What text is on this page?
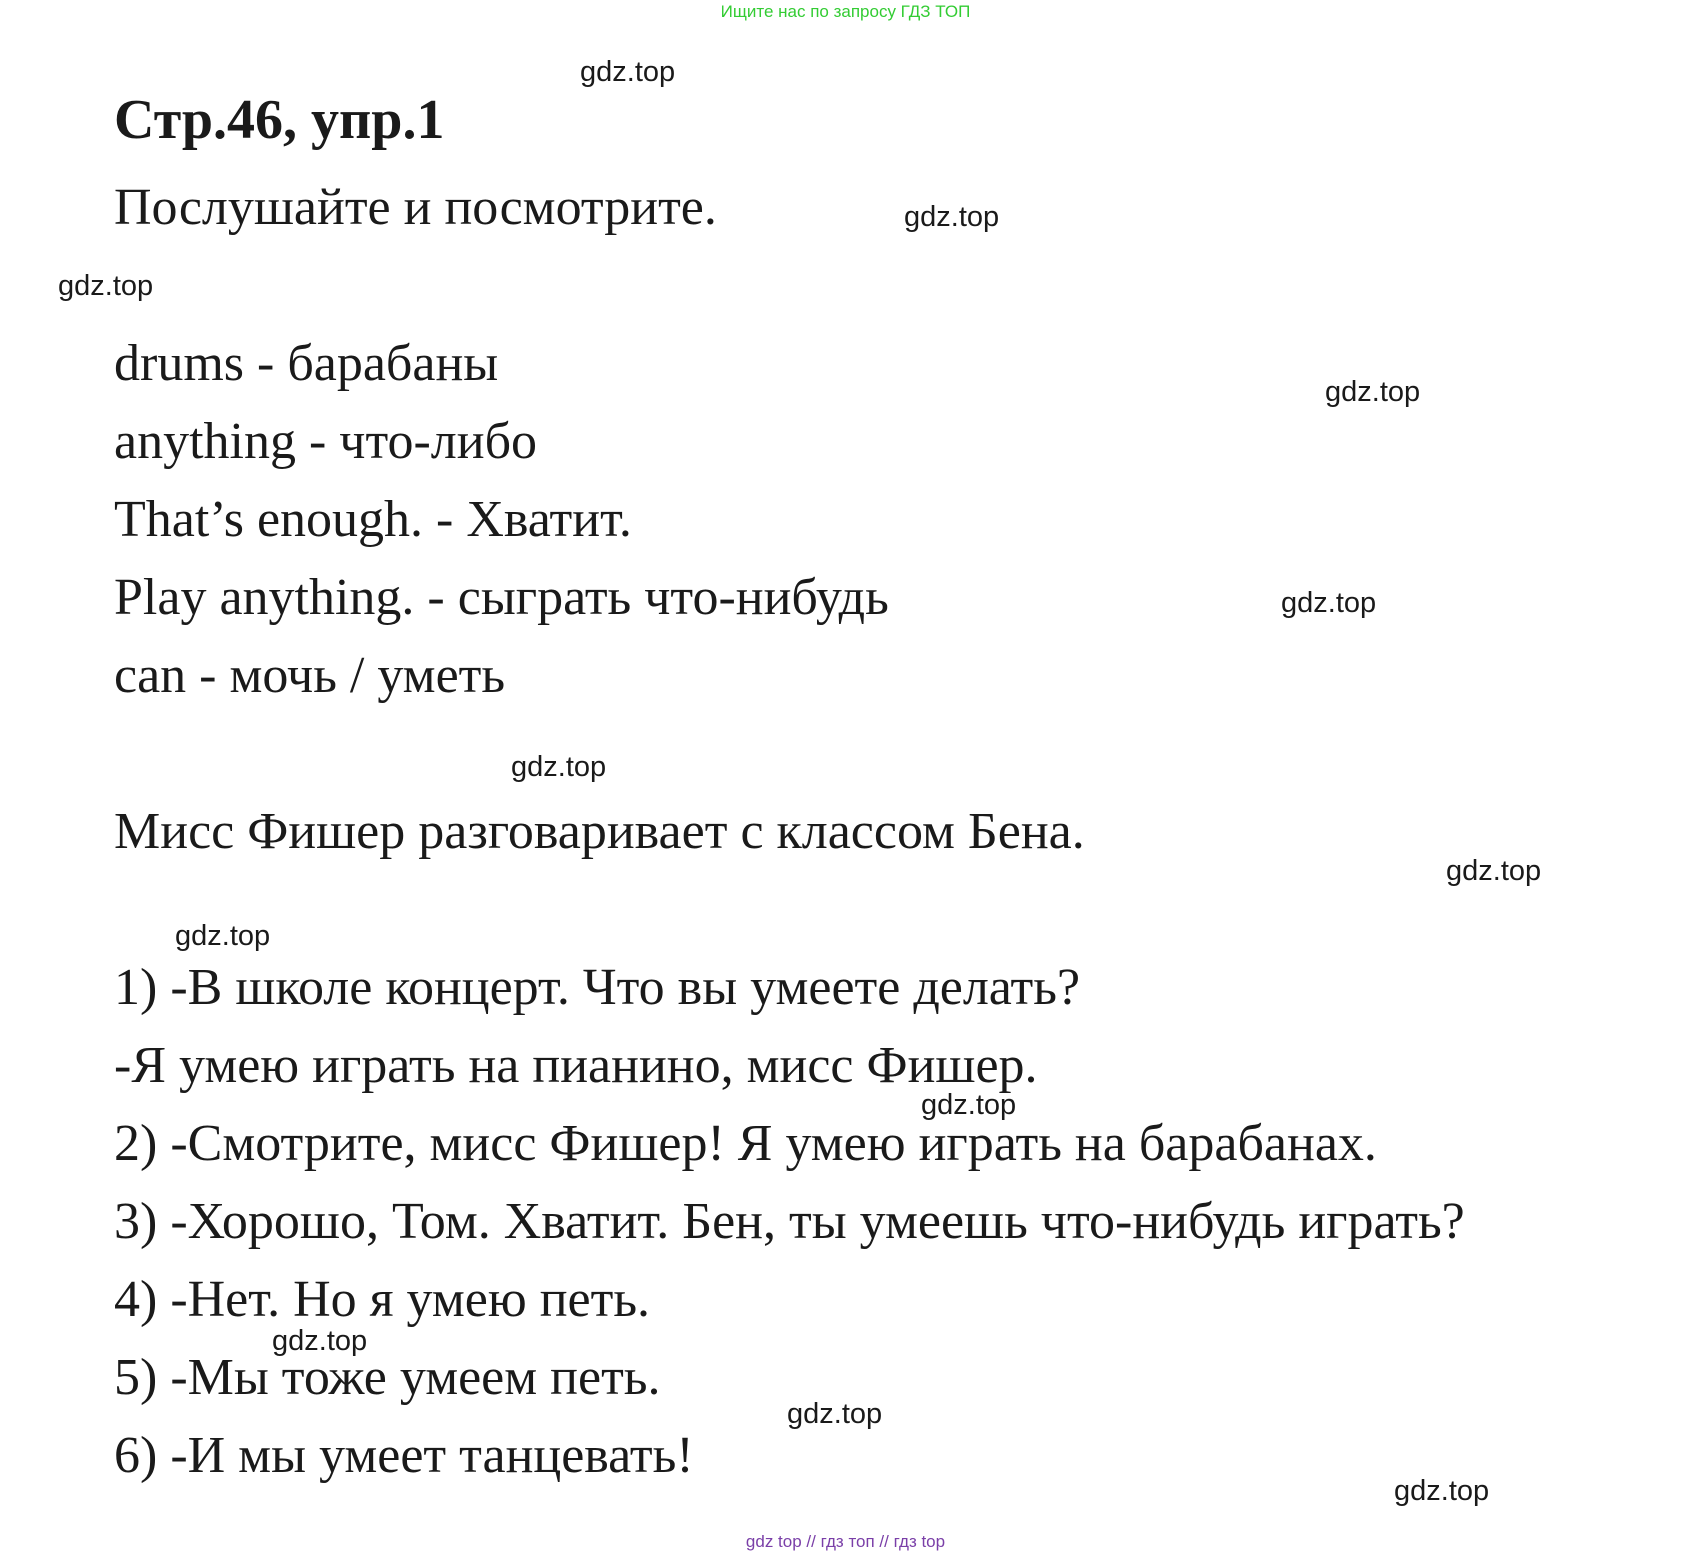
Ищите нас по запросу ГДЗ ТОП
Стр.46, упр.1
Послушайте и посмотрите.
drums - барабаны
anything - что-либо
That’s enough. - Хватит.
Play anything. - сыграть что-нибудь
can - мочь / уметь
Мисс Фишер разговаривает с классом Бена.
1) -В школе концерт. Что вы умеете делать?
-Я умею играть на пианино, мисс Фишер.
2) -Смотрите, мисс Фишер! Я умею играть на барабанах.
3) -Хорошо, Том. Хватит. Бен, ты умеешь что-нибудь играть?
4) -Нет. Но я умею петь.
5) -Мы тоже умеем петь.
6) -И мы умеет танцевать!
gdz.top
gdz.top
gdz.top
gdz.top
gdz.top
gdz.top
gdz.top
gdz.top
gdz.top
gdz.top
gdz.top
gdz.top
gdz top // гдз топ // гдз top
